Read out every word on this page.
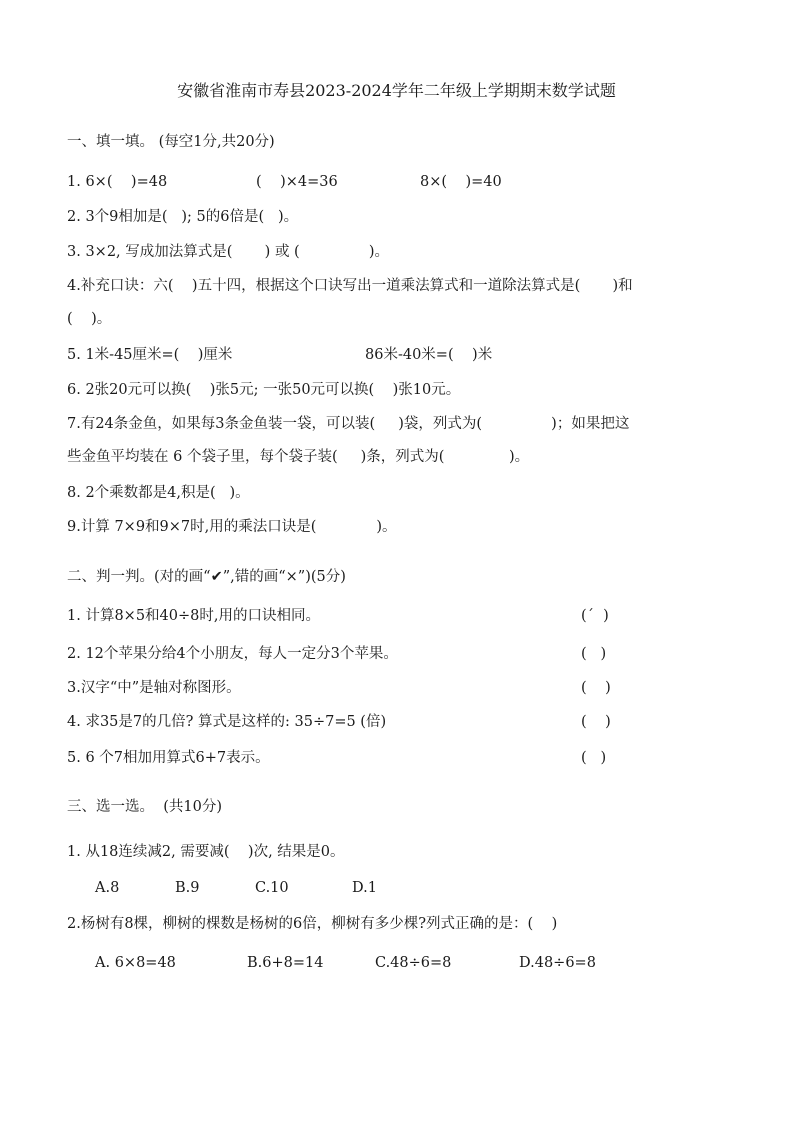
安徽省淮南市寿县2023-2024学年二年级上学期期末数学试题
一、填一填。 (每空1分,共20分)
1. 6×(    )=48	(    )×4=36	8×(    )=40
2. 3个9相加是(   ); 5的6倍是(   )。
3. 3×2, 写成加法算式是(       ) 或 (               )。
4.补充口诀：六(    )五十四，根据这个口诀写出一道乘法算式和一道除法算式是(       )和
(    )。
5. 1米-45厘米=(    )厘米	86米-40米=(    )米
6. 2张20元可以换(    )张5元; 一张50元可以换(    )张10元。
7.有24条金鱼，如果每3条金鱼装一袋，可以装(     )袋，列式为(               )；如果把这
些金鱼平均装在 6 个袋子里，每个袋子装(     )条，列式为(              )。
8. 2个乘数都是4,积是(   )。
9.计算 7×9和9×7时,用的乘法口诀是(             )。
二、判一判。(对的画“✔”,错的画“×”)(5分)
1. 计算8×5和40÷8时,用的口诀相同。	(´  )
2. 12个苹果分给4个小朋友，每人一定分3个苹果。	(   )
3.汉字“中”是轴对称图形。	(    )
4. 求35是7的几倍? 算式是这样的: 35÷7=5 (倍)	(    )
5. 6 个7相加用算式6+7表示。	(   )
三、选一选。  (共10分)
1. 从18连续减2, 需要减(    )次, 结果是0。
A.8	B.9	C.10	D.1
2.杨树有8棵，柳树的棵数是杨树的6倍，柳树有多少棵?列式正确的是：(    )
A. 6×8=48	B.6+8=14	C.48÷6=8	D.48÷6=8
